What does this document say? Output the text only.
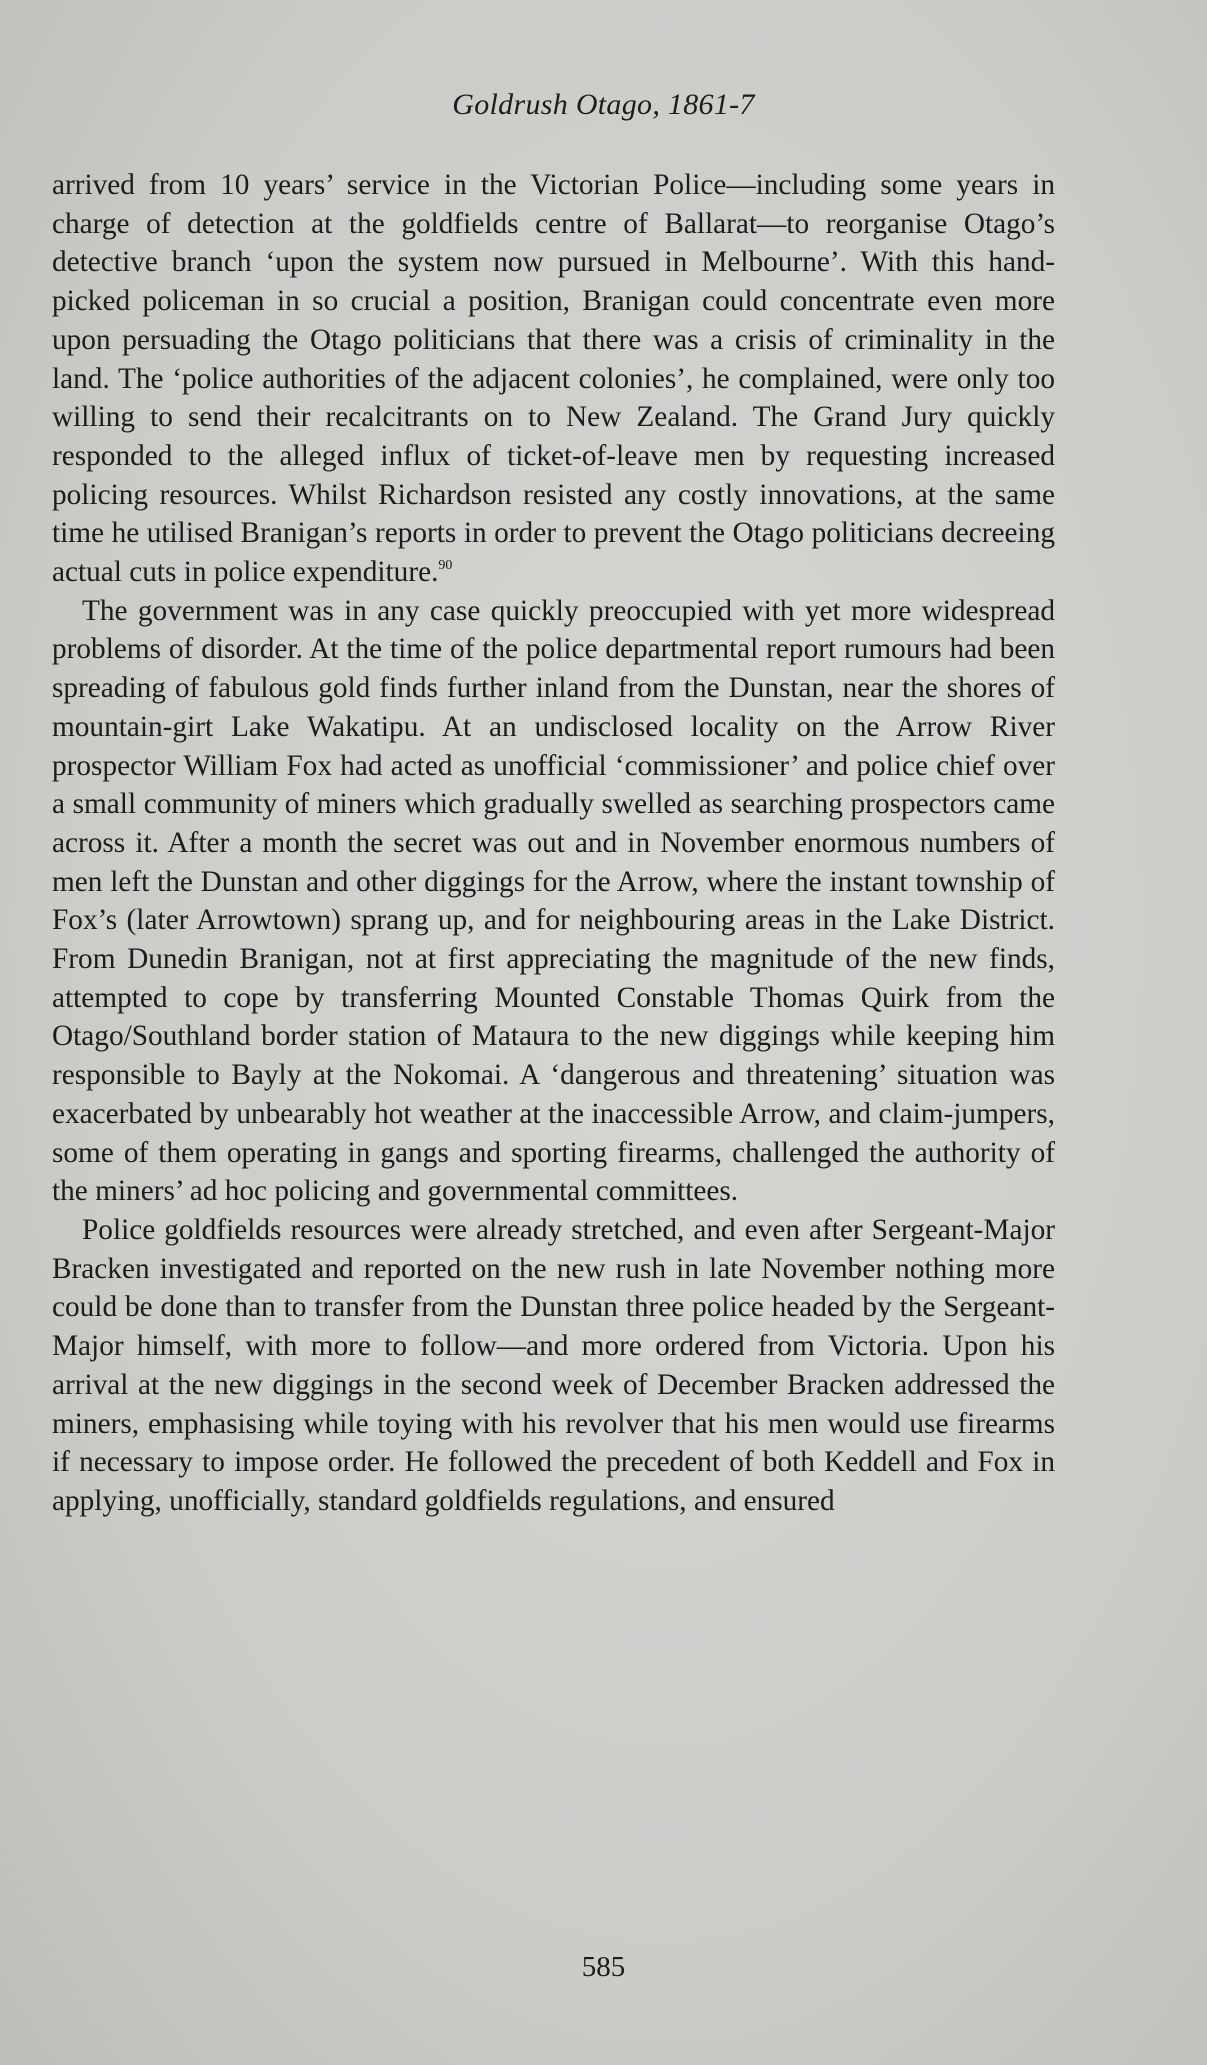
Goldrush Otago, 1861-7

arrived from 10 years’ service in the Victorian Police—including some years in charge of detection at the goldfields centre of Ballarat—to reorganise Otago’s detective branch ‘upon the system now pursued in Melbourne’. With this hand-picked policeman in so crucial a position, Branigan could concentrate even more upon persuading the Otago politicians that there was a crisis of criminality in the land. The ‘police authorities of the adjacent colonies’, he complained, were only too willing to send their recalcitrants on to New Zealand. The Grand Jury quickly responded to the alleged influx of ticket-of-leave men by requesting increased policing resources. Whilst Richardson resisted any costly innovations, at the same time he utilised Branigan’s reports in order to prevent the Otago politicians decreeing actual cuts in police expenditure.$^{90}$

The government was in any case quickly preoccupied with yet more widespread problems of disorder. At the time of the police departmental report rumours had been spreading of fabulous gold finds further inland from the Dunstan, near the shores of mountain-girt Lake Wakatipu. At an undisclosed locality on the Arrow River prospector William Fox had acted as unofficial ‘commissioner’ and police chief over a small community of miners which gradually swelled as searching prospectors came across it. After a month the secret was out and in November enormous numbers of men left the Dunstan and other diggings for the Arrow, where the instant township of Fox’s (later Arrowtown) sprang up, and for neighbouring areas in the Lake District. From Dunedin Branigan, not at first appreciating the magnitude of the new finds, attempted to cope by transferring Mounted Constable Thomas Quirk from the Otago/Southland border station of Mataura to the new diggings while keeping him responsible to Bayly at the Nokomai. A ‘dangerous and threatening’ situation was exacerbated by unbearably hot weather at the inaccessible Arrow, and claim-jumpers, some of them operating in gangs and sporting firearms, challenged the authority of the miners’ ad hoc policing and governmental committees.

Police goldfields resources were already stretched, and even after Sergeant-Major Bracken investigated and reported on the new rush in late November nothing more could be done than to transfer from the Dunstan three police headed by the Sergeant-Major himself, with more to follow—and more ordered from Victoria. Upon his arrival at the new diggings in the second week of December Bracken addressed the miners, emphasising while toying with his revolver that his men would use firearms if necessary to impose order. He followed the precedent of both Keddell and Fox in applying, unofficially, standard goldfields regulations, and ensured

585
